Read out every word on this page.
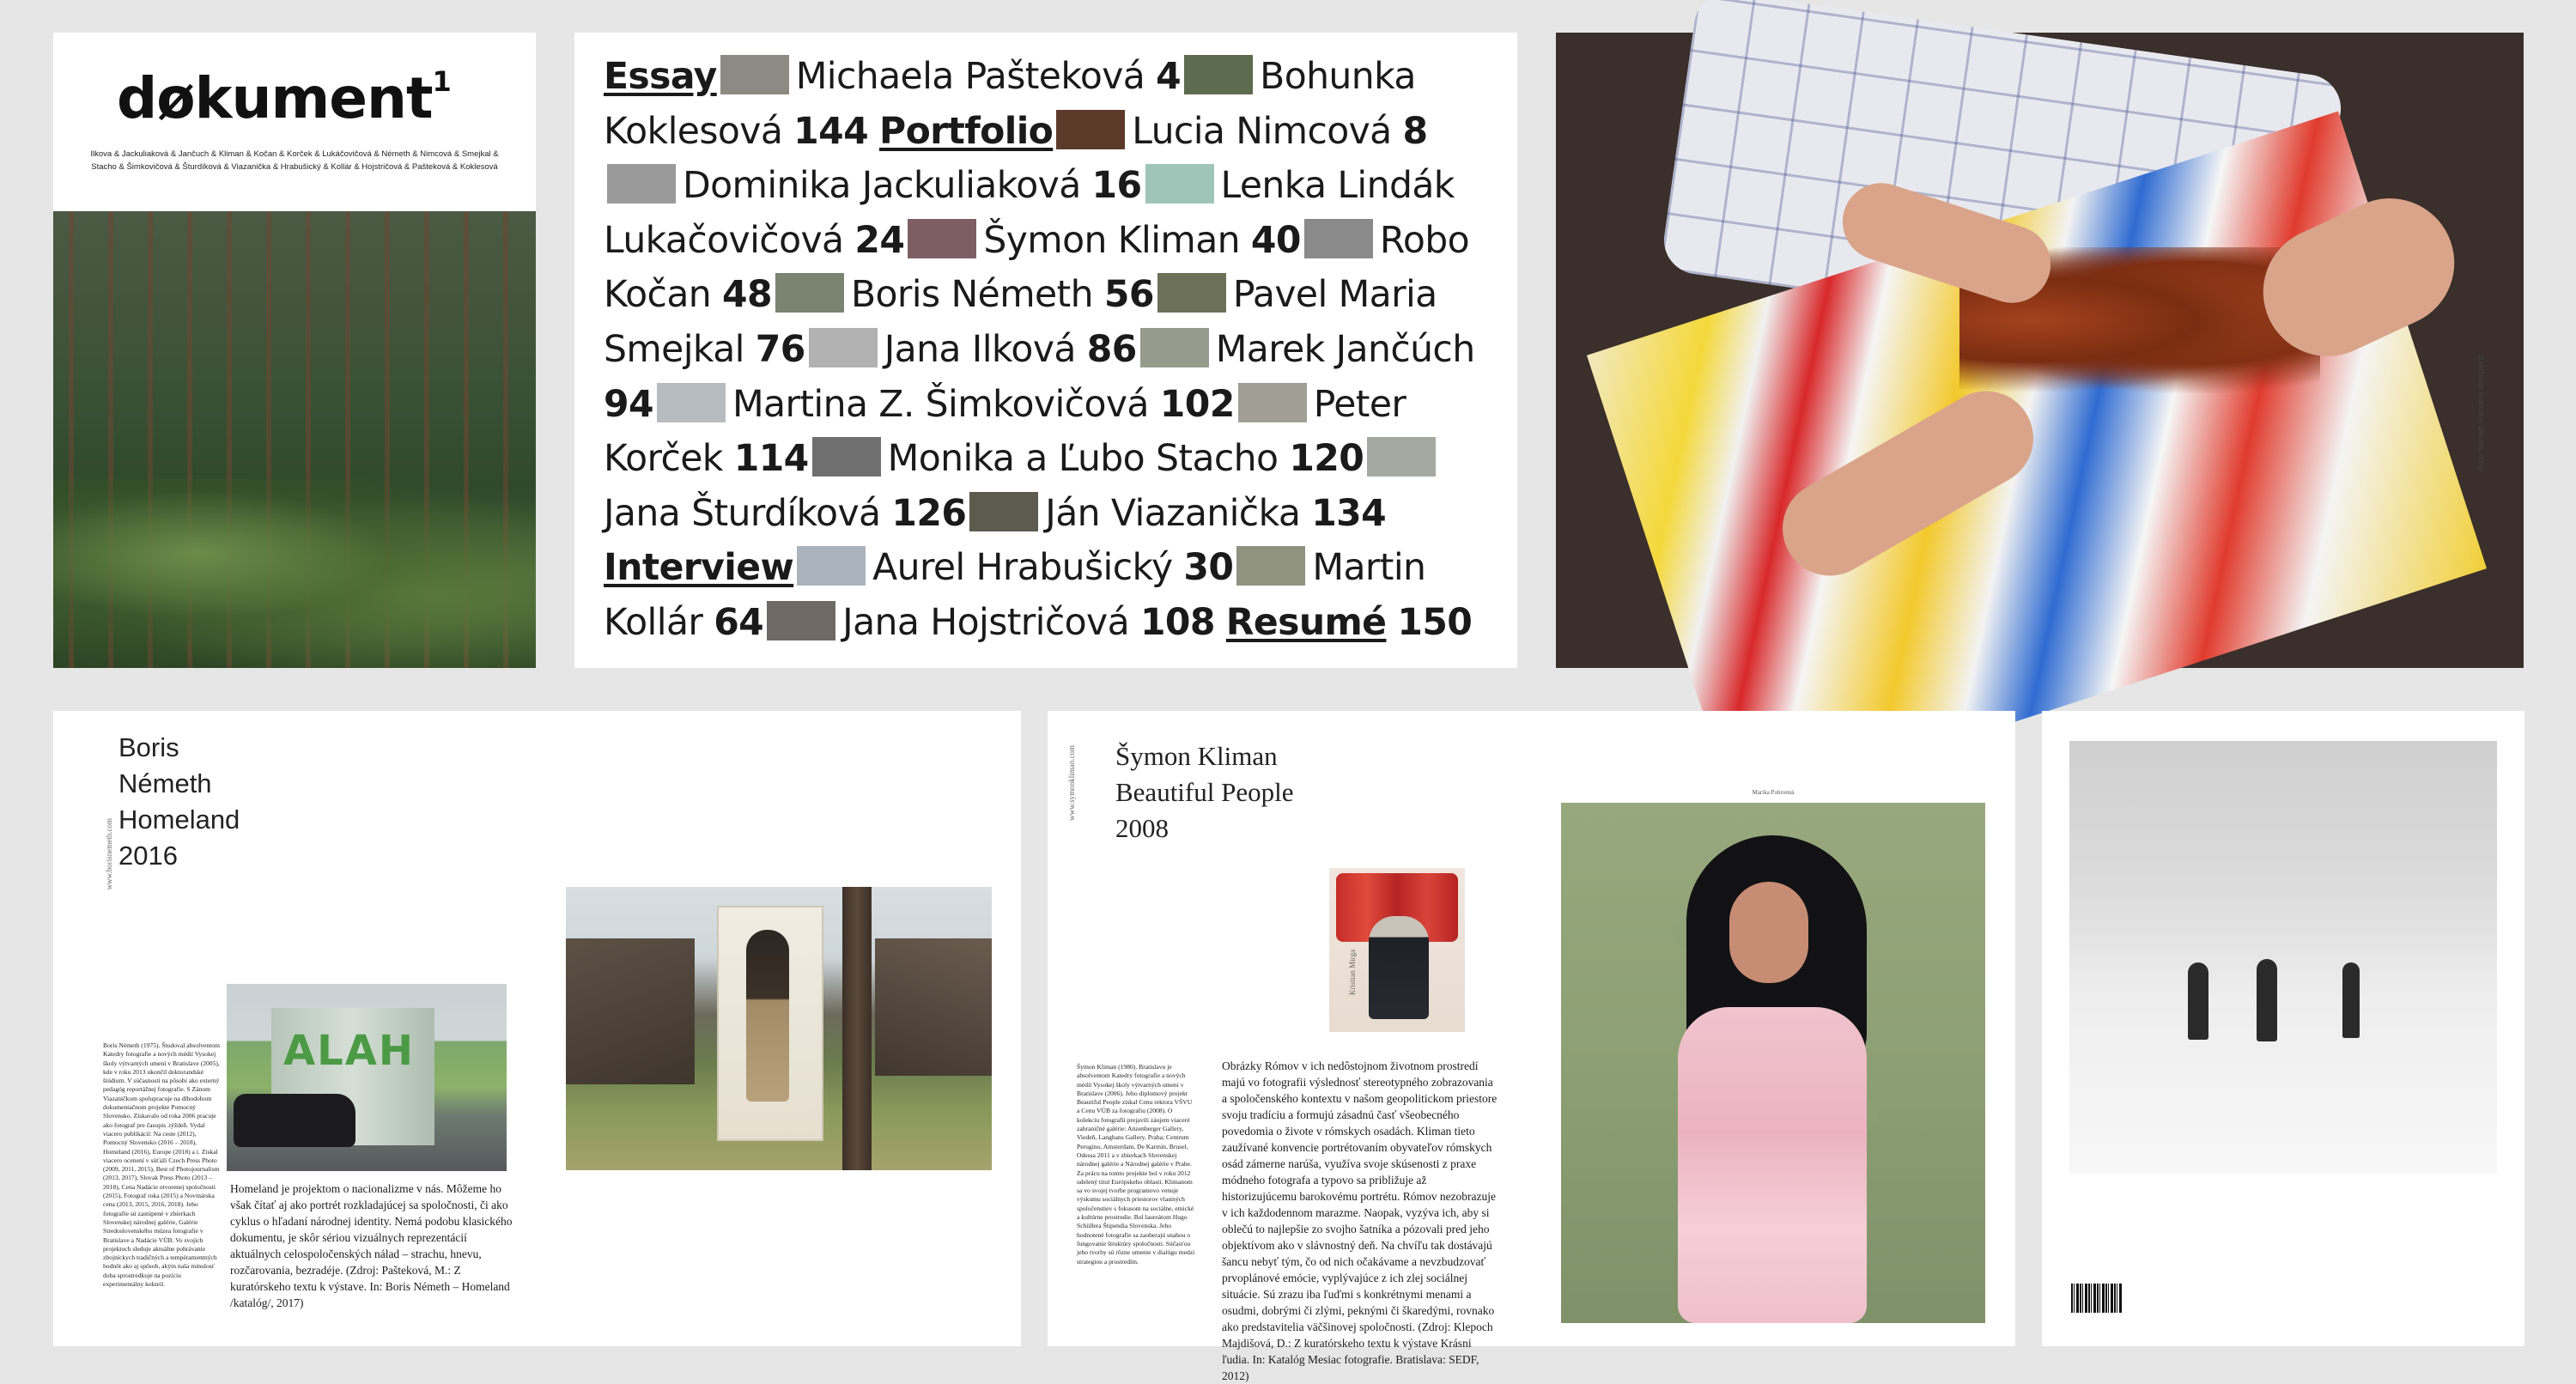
døkument$^1$
Ilkova & Jackuliaková & Jančuch & Kliman & Kočan & Korček & Lukáčovičová & Németh & Nimcová & Smejkal & Stacho & Šimkovičová & Šturdíková & Viazanička & Hrabušický & Kollár & Hojstričová & Pašteková & Koklesová
Essay Michaela Pašteková 4 Bohunka Koklesová 144 Portfolio Lucia Nimcová 8Dominika Jackuliaková 16 Lenka Lindák Lukačovičová 24 Šymon Kliman 40 Robo Kočan 48 Boris Németh 56 Pavel Maria Smejkal 76 Jana Ilková 86 Marek Jančúch 94 Martina Z. Šimkovičová 102 Peter Korček 114 Monika a Ľubo Stacho 120Jana Šturdíková 126 Ján Viazanička 134 Interview Aurel Hrabušický 30 Martin Kollár 64 Jana Hojstričová 108 Resumé 150
Boris Németh Pamätný štemplerič
Boris
Németh
Homeland
2016
www.borisnemeth.com
Boris Németh (1975). Študoval absolventom Katedry fotografie a nových médií Vysokej školy výtvarných umení v Bratislave (2005), kde v roku 2013 ukončil doktorandské štúdium. V súčasnosti na pôsobí ako externý pedagóg reportážnej fotografie. S Zánom Viazaničkom spolupracuje na dlhodobom dokumentačnom projekte Pomocný Slovensko. Získavalo od roka 2006 pracuje ako fotograf pre časopis .týždeň. Vydal viacero publikácií: Na ceste (2012), Pomocný Slovensko (2016 – 2018), Homeland (2016), Europe (2018) a i. Získal viacero ocenení v súťaži Czech Press Photo (2009, 2011, 2015), Best of Photojournalism (2013, 2017), Slovak Press Photo (2013 – 2018), Cena Nadácie otvorenej spoločnosti (2015), Fotograf roka (2015) a Novinárska cena (2013, 2015, 2016, 2018). Jeho fotografie sú zastúpené v zbierkach Slovenskej národnej galérie, Galérie Stredoslovenského múzea fotografie v Bratislave a Nadácie VÚB. Vo svojich projektoch sleduje aktuálne pohrávanie zbojníckych tradičných a tempéramentných hodnôt ako aj spôsob, akým naša minulosť doba sprostredkuje na pozíciu experimentálny kokteil.
ALAH
Homeland je projektom o nacionalizme v nás. Môžeme ho však čítať aj ako portrét rozkladajúcej sa spoločnosti, či ako cyklus o hľadaní národnej identity. Nemá podobu klasického dokumentu, je skôr sériou vizuálnych reprezentácií aktuálnych celospoločenských nálad – strachu, hnevu, rozčarovania, bezradéje. (Zdroj: Pašteková, M.: Z kuratórskeho textu k výstave. In: Boris Németh – Homeland /katalóg/, 2017)
www.symonkliman.com Šymon Kliman
Beautiful People
2008
Kristian Mirga
Šymon Kliman (1980). Bratislavu je absolventom Katedry fotografie a nových médií Vysokej školy výtvarných umení v Bratislave (2006). Jeho diplomový projekt Beautiful People získal Cenu rektora VŠVU a Cenu VÚB za fotografiu (2008). O kolekciu fotografií prejavili záujem viaceré zahraničné galérie: Anzenberger Gallery, Viedeň, Langhans Gallery, Praha; Centrum Perugino, Amsterdam, De Karmin, Brusel, Odessa 2011 a v zbierkach Slovenskej národnej galérie a Národnej galérie v Prahe. Za prácu na tomto projekte bol v roku 2012 udelený titul Európskeho oblasti. Klimanom sa vo svojej tvorbe programovo venuje výskumu sociálnych priestorov vlastných spoločenstiev s fokusom na sociálne, etnické a kultúrne prostredie. Bol laureátom Hugo Schüllera Štipendia Slovenska. Jeho hodnotené fotografie sa zaoberajú snahou o fungovanie štruktúry spoločnosti. Súčasťou jeho tvorby sú rôzne umenie v dialógu medzi strategiou a prostredím.
Obrázky Rómov v ich nedôstojnom životnom prostredí majú vo fotografii výslednosť stereotypného zobrazovania a spoločenského kontextu v našom geopolitickom priestore svoju tradíciu a formujú zásadnú časť všeobecného povedomia o živote v rómskych osadách. Kliman tieto zaužívané konvencie portrétovaním obyvateľov rómskych osád zámerne narúša, využíva svoje skúsenosti z praxe módneho fotografa a typovo sa približuje až historizujúcemu barokovému portrétu. Rómov nezobrazuje v ich každodennom marazme. Naopak, vyzýva ich, aby si oblečú to najlepšie zo svojho šatníka a pózovali pred jeho objektívom ako v slávnostný deň. Na chvíľu tak dostávajú šancu nebyť tým, čo od nich očakávame a nevzbudzovať prvoplánové emócie, vyplývajúce z ich zlej sociálnej situácie. Sú zrazu iba ľuďmi s konkrétnymi menami a osudmi, dobrými či zlými, peknými či škaredými, rovnako ako predstavitelia väčšinovej spoločnosti. (Zdroj: Klepoch Majdišová, D.: Z kuratórskeho textu k výstave Krásni ľudia. In: Katalóg Mesiac fotografie. Bratislava: SEDF, 2012)
Marika Pohronná
